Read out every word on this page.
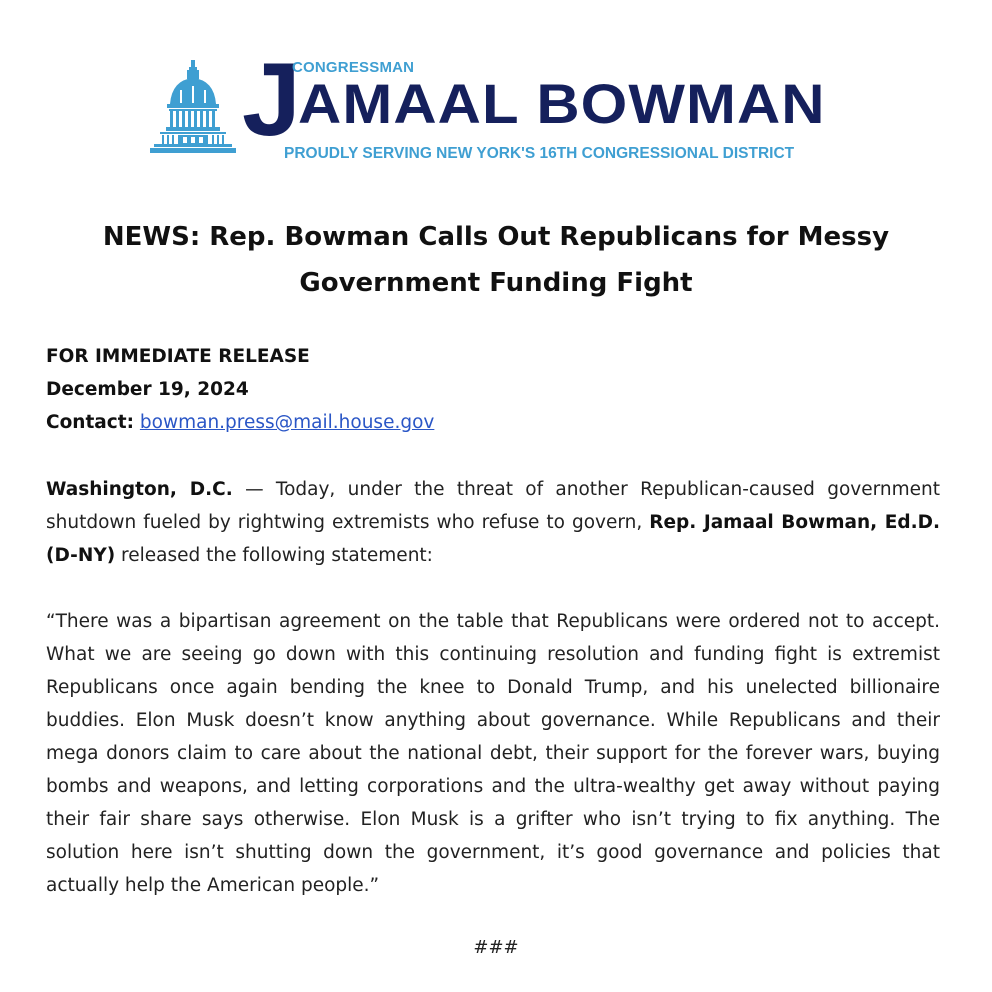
J
AMAAL BOWMAN
CONGRESSMAN
PROUDLY SERVING NEW YORK'S 16TH CONGRESSIONAL DISTRICT
NEWS: Rep. Bowman Calls Out Republicans for Messy
Government Funding Fight
FOR IMMEDIATE RELEASE
December 19, 2024
Contact: bowman.press@mail.house.gov
Washington, D.C. — Today, under the threat of another Republican-caused government shutdown fueled by rightwing extremists who refuse to govern, Rep. Jamaal Bowman, Ed.D. (D-NY) released the following statement:
“There was a bipartisan agreement on the table that Republicans were ordered not to accept. What we are seeing go down with this continuing resolution and funding fight is extremist Republicans once again bending the knee to Donald Trump, and his unelected billionaire buddies. Elon Musk doesn’t know anything about governance. While Republicans and their mega donors claim to care about the national debt, their support for the forever wars, buying bombs and weapons, and letting corporations and the ultra-wealthy get away without paying their fair share says otherwise. Elon Musk is a grifter who isn’t trying to fix anything. The solution here isn’t shutting down the government, it’s good governance and policies that actually help the American people.”
###
